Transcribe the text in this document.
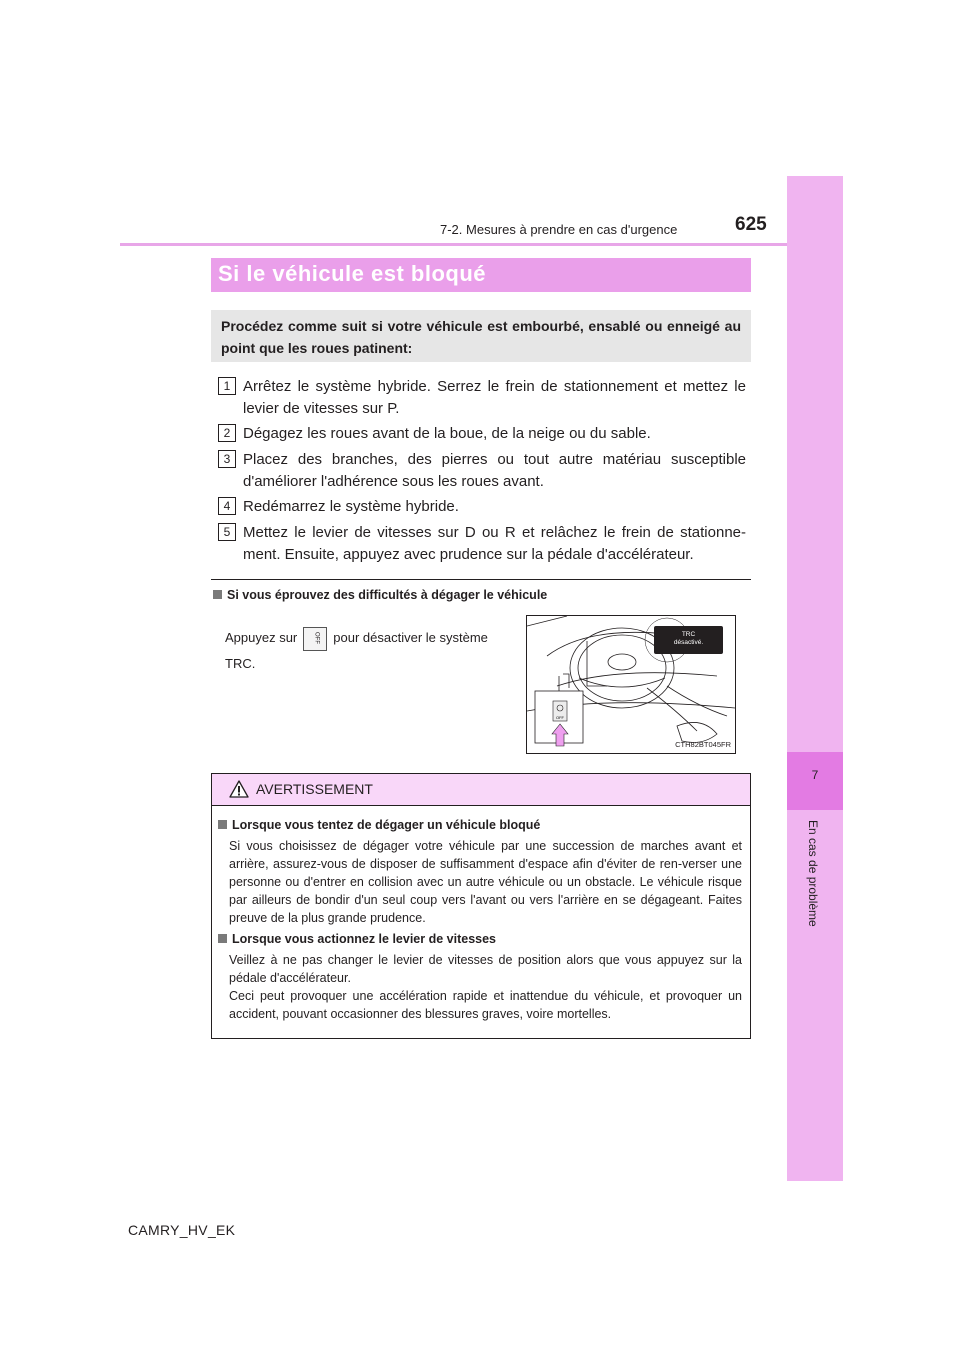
7-2. Mesures à prendre en cas d'urgence	625
7
En cas de problème
Si le véhicule est bloqué
Procédez comme suit si votre véhicule est embourbé, ensablé ou enneigé au point que les roues patinent:
1 Arrêtez le système hybride. Serrez le frein de stationnement et mettez le levier de vitesses sur P.
2 Dégagez les roues avant de la boue, de la neige ou du sable.
3 Placez des branches, des pierres ou tout autre matériau susceptible d'améliorer l'adhérence sous les roues avant.
4 Redémarrez le système hybride.
5 Mettez le levier de vitesses sur D ou R et relâchez le frein de stationne-ment. Ensuite, appuyez avec prudence sur la pédale d'accélérateur.
Si vous éprouvez des difficultés à dégager le véhicule
Appuyez sur	OFF pour désactiver le système TRC.
OFF
TRC
désactivé.
CTH82BT045FR
AVERTISSEMENT
Lorsque vous tentez de dégager un véhicule bloqué
Si vous choisissez de dégager votre véhicule par une succession de marches avant et arrière, assurez-vous de disposer de suffisamment d'espace afin d'éviter de ren-verser une personne ou d'entrer en collision avec un autre véhicule ou un obstacle. Le véhicule risque par ailleurs de bondir d'un seul coup vers l'avant ou vers l'arrière en se dégageant. Faites preuve de la plus grande prudence.
Lorsque vous actionnez le levier de vitesses
Veillez à ne pas changer le levier de vitesses de position alors que vous appuyez sur la pédale d'accélérateur.
Ceci peut provoquer une accélération rapide et inattendue du véhicule, et provoquer un accident, pouvant occasionner des blessures graves, voire mortelles.
CAMRY_HV_EK
